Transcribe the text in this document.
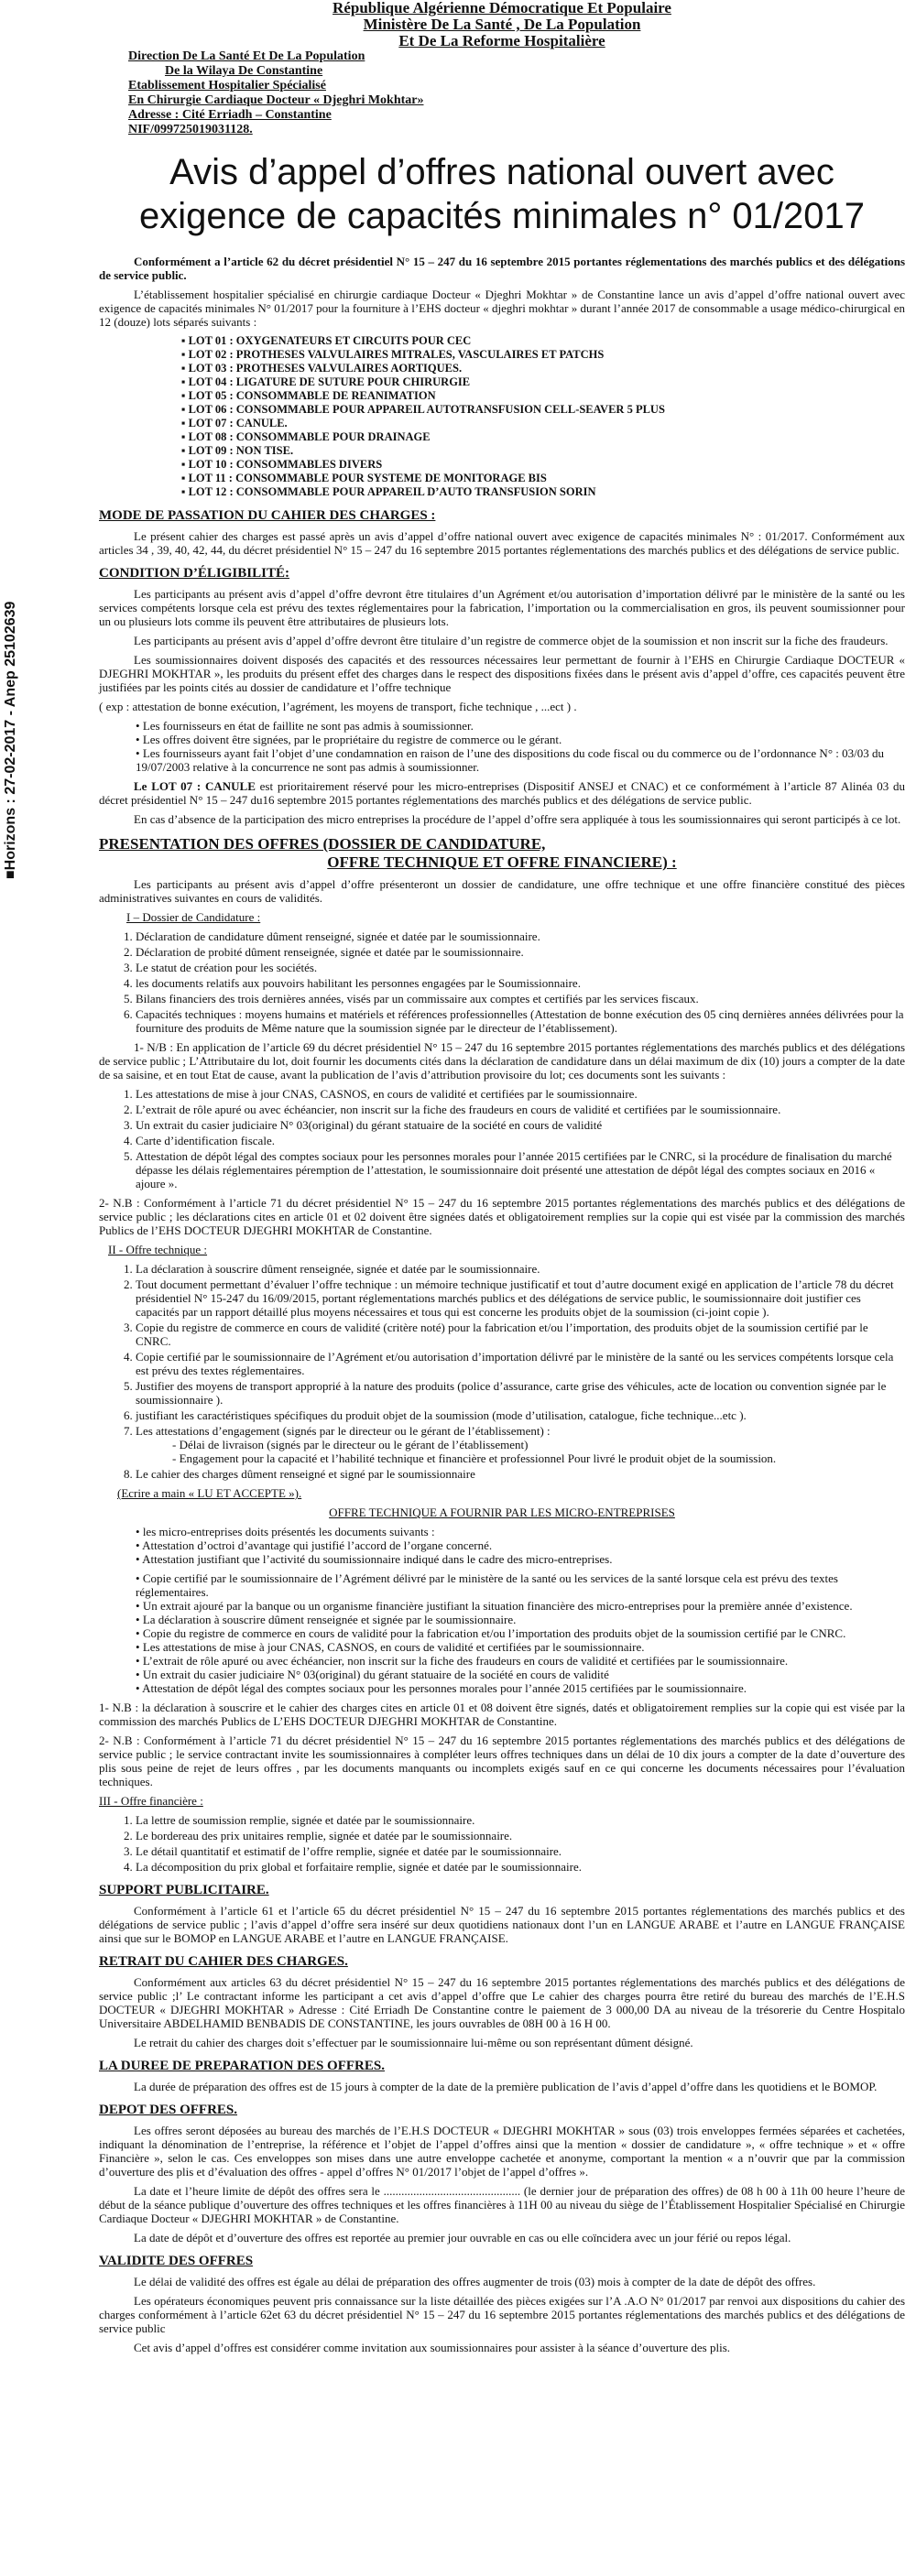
■Horizons : 27-02-2017 - Anep 25102639
République Algérienne Démocratique Et Populaire
Ministère De La Santé , De La Population
Et De La Reforme Hospitalière
Direction De La Santé Et De La Population
De la Wilaya De Constantine
Etablissement Hospitalier Spécialisé
En Chirurgie Cardiaque Docteur « Djeghri Mokhtar»
Adresse : Cité Erriadh – Constantine
NIF/099725019031128.
Avis d’appel d’offres national ouvert avec exigence de capacités minimales n° 01/2017

Conformément a l’article 62 du décret présidentiel N° 15 – 247 du 16 septembre 2015 portantes réglementations des marchés publics et des délégations de service public.

L’établissement hospitalier spécialisé en chirurgie cardiaque Docteur « Djeghri Mokhtar » de Constantine lance un avis d’appel d’offre national ouvert avec exigence de capacités minimales N° 01/2017 pour la fourniture à l’EHS docteur « djeghri mokhtar » durant l’année 2017 de consommable a usage médico-chirurgical en 12 (douze) lots séparés suivants :

▪ LOT 01 : OXYGENATEURS ET CIRCUITS POUR CEC
▪ LOT 02 : PROTHESES VALVULAIRES MITRALES, VASCULAIRES ET PATCHS
▪ LOT 03 : PROTHESES VALVULAIRES AORTIQUES.
▪ LOT 04 : LIGATURE DE SUTURE POUR CHIRURGIE
▪ LOT 05 : CONSOMMABLE DE REANIMATION
▪ LOT 06 : CONSOMMABLE POUR APPAREIL AUTOTRANSFUSION CELL-SEAVER 5 PLUS
▪ LOT 07 : CANULE.
▪ LOT 08 : CONSOMMABLE POUR DRAINAGE
▪ LOT 09 : NON TISE.
▪ LOT 10 : CONSOMMABLES DIVERS
▪ LOT 11 : CONSOMMABLE POUR SYSTEME DE MONITORAGE BIS
▪ LOT 12 : CONSOMMABLE POUR APPAREIL D’AUTO TRANSFUSION SORIN
MODE DE PASSATION DU CAHIER DES CHARGES :

Le présent cahier des charges est passé après un avis d’appel d’offre national ouvert avec exigence de capacités minimales N° : 01/2017. Conformément aux articles 34 , 39, 40, 42, 44, du décret présidentiel N° 15 – 247 du 16 septembre 2015 portantes réglementations des marchés publics et des délégations de service public.

CONDITION D’ÉLIGIBILITÉ:

Les participants au présent avis d’appel d’offre devront être titulaires d’un Agrément et/ou autorisation d’importation délivré par le ministère de la santé ou les services compétents lorsque cela est prévu des textes réglementaires pour la fabrication, l’importation ou la commercialisation en gros, ils peuvent soumissionner pour un ou plusieurs lots comme ils peuvent être attributaires de plusieurs lots.

Les participants au présent avis d’appel d’offre devront être titulaire d’un registre de commerce objet de la soumission et non inscrit sur la fiche des fraudeurs.

Les soumissionnaires doivent disposés des capacités et des ressources nécessaires leur permettant de fournir à l’EHS en Chirurgie Cardiaque DOCTEUR « DJEGHRI MOKHTAR », les produits du présent effet des charges dans le respect des dispositions fixées dans le présent avis d’appel d’offre, ces capacités peuvent être justifiées par les points cités au dossier de candidature et l’offre technique

( exp : attestation de bonne exécution, l’agrément, les moyens de transport, fiche technique , ...ect ) .

• Les fournisseurs en état de faillite ne sont pas admis à soumissionner.
• Les offres doivent être signées, par le propriétaire du registre de commerce ou le gérant.
• Les fournisseurs ayant fait l’objet d’une condamnation en raison de l’une des dispositions du code fiscal ou du commerce ou de l’ordonnance N° : 03/03 du 19/07/2003 relative à la concurrence ne sont pas admis à soumissionner.

Le LOT 07 : CANULE est prioritairement réservé pour les micro-entreprises (Dispositif ANSEJ et CNAC) et ce conformément à l’article 87 Alinéa 03 du décret présidentiel N° 15 – 247 du16 septembre 2015 portantes réglementations des marchés publics et des délégations de service public.

En cas d’absence de la participation des micro entreprises la procédure de l’appel d’offre sera appliquée à tous les soumissionnaires qui seront participés à ce lot.

PRESENTATION DES OFFRES (DOSSIER DE CANDIDATURE,
OFFRE TECHNIQUE ET OFFRE FINANCIERE) :

Les participants au présent avis d’appel d’offre présenteront un dossier de candidature, une offre technique et une offre financière constitué des pièces administratives suivantes en cours de validités.

I – Dossier de Candidature :

1. Déclaration de candidature dûment renseigné, signée et datée par le soumissionnaire.
2. Déclaration de probité dûment renseignée, signée et datée par le soumissionnaire.
3. Le statut de création pour les sociétés.
4. les documents relatifs aux pouvoirs habilitant les personnes engagées par le Soumissionnaire.
5. Bilans financiers des trois dernières années, visés par un commissaire aux comptes et certifiés par les services fiscaux.
6. Capacités techniques : moyens humains et matériels et références professionnelles (Attestation de bonne exécution des 05 cinq dernières années délivrées pour la fourniture des produits de Même nature que la soumission signée par le directeur de l’établissement).

1- N/B : En application de l’article 69 du décret présidentiel N° 15 – 247 du 16 septembre 2015 portantes réglementations des marchés publics et des délégations de service public ; L’Attributaire du lot, doit fournir les documents cités dans la déclaration de candidature dans un délai maximum de dix (10) jours a compter de la date de sa saisine, et en tout Etat de cause, avant la publication de l’avis d’attribution provisoire du lot; ces documents sont les suivants :

1. Les attestations de mise à jour CNAS, CASNOS, en cours de validité et certifiées par le soumissionnaire.
2. L’extrait de rôle apuré ou avec échéancier, non inscrit sur la fiche des fraudeurs en cours de validité et certifiées par le soumissionnaire.
3. Un extrait du casier judiciaire N° 03(original) du gérant statuaire de la société en cours de validité
4. Carte d’identification fiscale.
5. Attestation de dépôt légal des comptes sociaux pour les personnes morales pour l’année 2015 certifiées par le CNRC, si la procédure de finalisation du marché dépasse les délais réglementaires péremption de l’attestation, le soumissionnaire doit présenté une attestation de dépôt légal des comptes sociaux en 2016 « ajoure ».

2- N.B : Conformément à l’article 71 du décret présidentiel N° 15 – 247 du 16 septembre 2015 portantes réglementations des marchés publics et des délégations de service public ; les déclarations cites en article 01 et 02 doivent être signées datés et obligatoirement remplies sur la copie qui est visée par la commission des marchés Publics de l’EHS DOCTEUR DJEGHRI MOKHTAR de Constantine.

II - Offre technique :

1. La déclaration à souscrire dûment renseignée, signée et datée par le soumissionnaire.
2. Tout document permettant d’évaluer l’offre technique : un mémoire technique justificatif et tout d’autre document exigé en application de l’article 78 du décret présidentiel N° 15-247 du 16/09/2015, portant réglementations marchés publics et des délégations de service public, le soumissionnaire doit justifier ces capacités par un rapport détaillé plus moyens nécessaires et tous qui est concerne les produits objet de la soumission (ci-joint copie ).
3. Copie du registre de commerce en cours de validité (critère noté) pour la fabrication et/ou l’importation, des produits objet de la soumission certifié par le CNRC.
4. Copie certifié par le soumissionnaire de l’Agrément et/ou autorisation d’importation délivré par le ministère de la santé ou les services compétents lorsque cela est prévu des textes réglementaires.
5. Justifier des moyens de transport approprié à la nature des produits (police d’assurance, carte grise des véhicules, acte de location ou convention signée par le soumissionnaire ).
6. justifiant les caractéristiques spécifiques du produit objet de la soumission (mode d’utilisation, catalogue, fiche technique...etc ).
7. Les attestations d’engagement (signés par le directeur ou le gérant de l’établissement) :
- Délai de livraison (signés par le directeur ou le gérant de l’établissement)
- Engagement pour la capacité et l’habilité technique et financière et professionnel Pour livré le produit objet de la soumission.
8. Le cahier des charges dûment renseigné et signé par le soumissionnaire

(Ecrire a main « LU ET ACCEPTE »).

OFFRE TECHNIQUE A FOURNIR PAR LES MICRO-ENTREPRISES

• les micro-entreprises doits présentés les documents suivants :
• Attestation d’octroi d’avantage qui justifié l’accord de l’organe concerné.
• Attestation justifiant que l’activité du soumissionnaire indiqué dans le cadre des micro-entreprises.
• Copie certifié par le soumissionnaire de l’Agrément délivré par le ministère de la santé ou les services de la santé lorsque cela est prévu des textes réglementaires.
• Un extrait ajouré par la banque ou un organisme financière justifiant la situation financière des micro-entreprises pour la première année d’existence.
• La déclaration à souscrire dûment renseignée et signée par le soumissionnaire.
• Copie du registre de commerce en cours de validité pour la fabrication et/ou l’importation des produits objet de la soumission certifié par le CNRC.
• Les attestations de mise à jour CNAS, CASNOS, en cours de validité et certifiées par le soumissionnaire.
• L’extrait de rôle apuré ou avec échéancier, non inscrit sur la fiche des fraudeurs en cours de validité et certifiées par le soumissionnaire.
• Un extrait du casier judiciaire N° 03(original) du gérant statuaire de la société en cours de validité
• Attestation de dépôt légal des comptes sociaux pour les personnes morales pour l’année 2015 certifiées par le soumissionnaire.

1- N.B : la déclaration à souscrire et le cahier des charges cites en article 01 et 08 doivent être signés, datés et obligatoirement remplies sur la copie qui est visée par la commission des marchés Publics de L’EHS DOCTEUR DJEGHRI MOKHTAR de Constantine.

2- N.B : Conformément à l’article 71 du décret présidentiel N° 15 – 247 du 16 septembre 2015 portantes réglementations des marchés publics et des délégations de service public ; le service contractant invite les soumissionnaires à compléter leurs offres techniques dans un délai de 10 dix jours a compter de la date d’ouverture des plis sous peine de rejet de leurs offres , par les documents manquants ou incomplets exigés sauf en ce qui concerne les documents nécessaires pour l’évaluation techniques.

III - Offre financière :

1. La lettre de soumission remplie, signée et datée par le soumissionnaire.
2. Le bordereau des prix unitaires remplie, signée et datée par le soumissionnaire.
3. Le détail quantitatif et estimatif de l’offre remplie, signée et datée par le soumissionnaire.
4. La décomposition du prix global et forfaitaire remplie, signée et datée par le soumissionnaire.
SUPPORT PUBLICITAIRE.

Conformément à l’article 61 et l’article 65 du décret présidentiel N° 15 – 247 du 16 septembre 2015 portantes réglementations des marchés publics et des délégations de service public ; l’avis d’appel d’offre sera inséré sur deux quotidiens nationaux dont l’un en LANGUE ARABE et l’autre en LANGUE FRANÇAISE ainsi que sur le BOMOP en LANGUE ARABE et l’autre en LANGUE FRANÇAISE.

RETRAIT DU CAHIER DES CHARGES.

Conformément aux articles 63 du décret présidentiel N° 15 – 247 du 16 septembre 2015 portantes réglementations des marchés publics et des délégations de service public ;l’ Le contractant informe les participant a cet avis d’appel d’offre que Le cahier des charges pourra être retiré du bureau des marchés de l’E.H.S DOCTEUR « DJEGHRI MOKHTAR » Adresse : Cité Erriadh De Constantine contre le paiement de 3 000,00 DA au niveau de la trésorerie du Centre Hospitalo Universitaire ABDELHAMID BENBADIS DE CONSTANTINE, les jours ouvrables de 08H 00 à 16 H 00.

Le retrait du cahier des charges doit s’effectuer par le soumissionnaire lui-même ou son représentant dûment désigné.

LA DUREE DE PREPARATION DES OFFRES.

La durée de préparation des offres est de 15 jours à compter de la date de la première publication de l’avis d’appel d’offre dans les quotidiens et le BOMOP.

DEPOT DES OFFRES.

Les offres seront déposées au bureau des marchés de l’E.H.S DOCTEUR « DJEGHRI MOKHTAR » sous (03) trois enveloppes fermées séparées et cachetées, indiquant la dénomination de l’entreprise, la référence et l’objet de l’appel d’offres ainsi que la mention « dossier de candidature », « offre technique » et « offre Financière », selon le cas. Ces enveloppes son mises dans une autre enveloppe cachetée et anonyme, comportant la mention « a n’ouvrir que par la commission d’ouverture des plis et d’évaluation des offres - appel d’offres N° 01/2017 l’objet de l’appel d’offres ».

La date et l’heure limite de dépôt des offres sera le .............................................. (le dernier jour de préparation des offres) de 08 h 00 à 11h 00 heure l’heure de début de la séance publique d’ouverture des offres techniques et les offres financières à 11H 00 au niveau du siège de l’Établissement Hospitalier Spécialisé en Chirurgie Cardiaque Docteur « DJEGHRI MOKHTAR » de Constantine.

La date de dépôt et d’ouverture des offres est reportée au premier jour ouvrable en cas ou elle coïncidera avec un jour férié ou repos légal.

VALIDITE DES OFFRES

Le délai de validité des offres est égale au délai de préparation des offres augmenter de trois (03) mois à compter de la date de dépôt des offres.

Les opérateurs économiques peuvent pris connaissance sur la liste détaillée des pièces exigées sur l’A .A.O N° 01/2017 par renvoi aux dispositions du cahier des charges conformément à l’article 62et 63 du décret présidentiel N° 15 – 247 du 16 septembre 2015 portantes réglementations des marchés publics et des délégations de service public

Cet avis d’appel d’offres est considérer comme invitation aux soumissionnaires pour assister à la séance d’ouverture des plis.
